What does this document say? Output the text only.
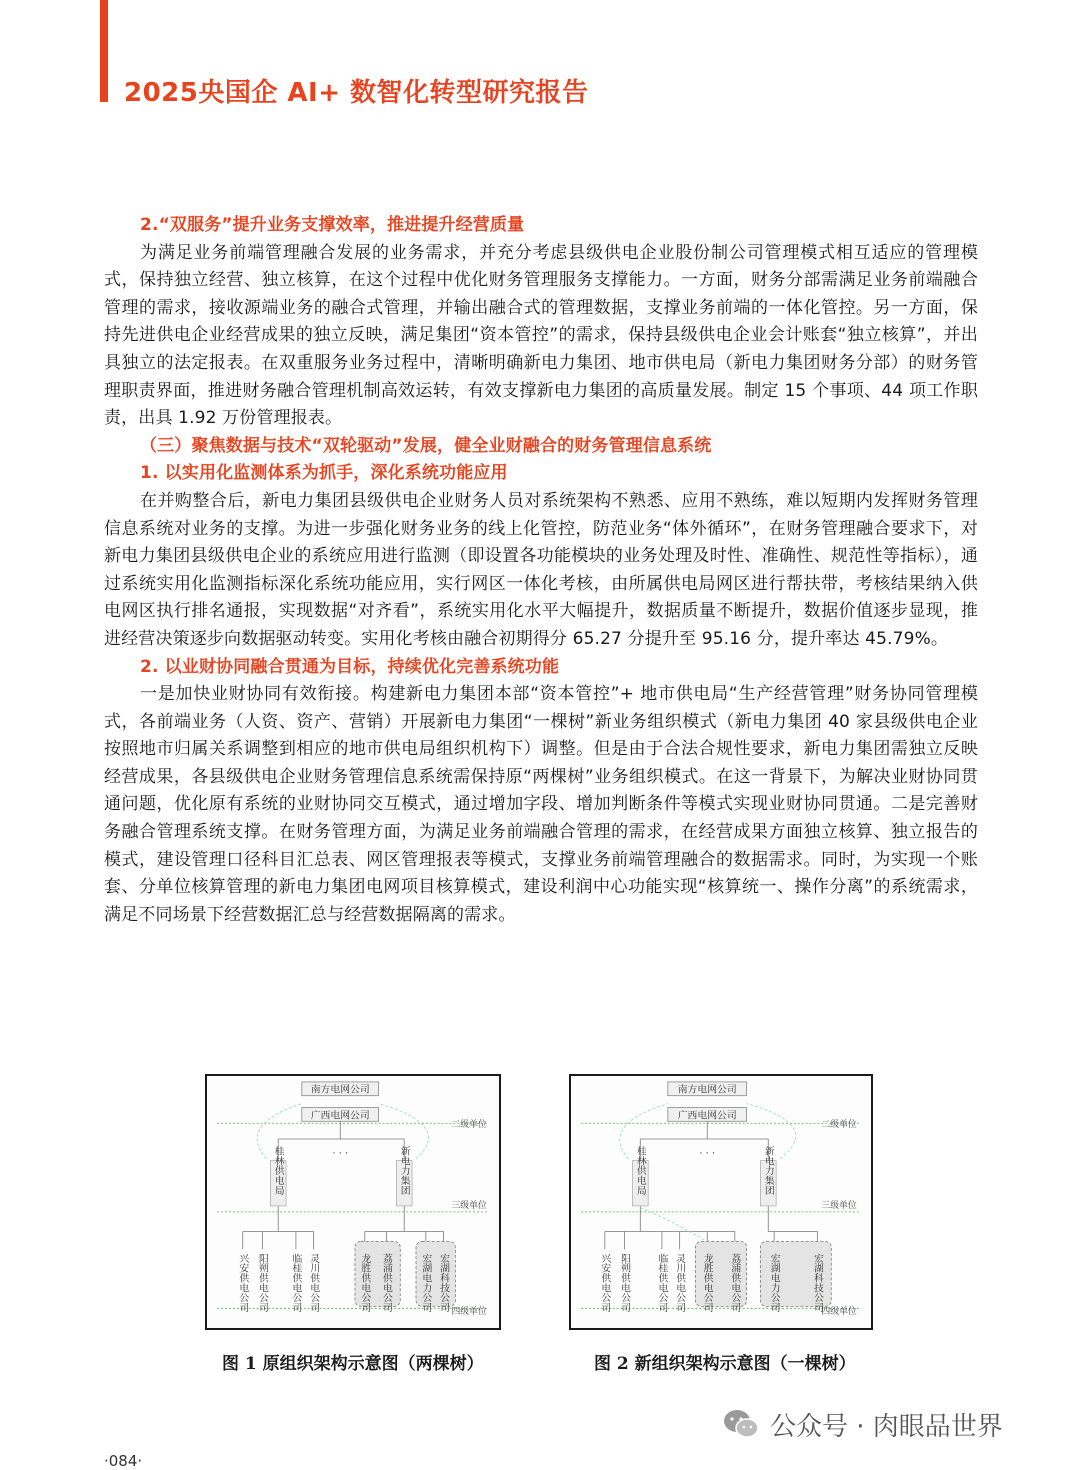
2025央国企 AI+ 数智化转型研究报告

2.“双服务”提升业务支撑效率，推进提升经营质量

为满足业务前端管理融合发展的业务需求，并充分考虑县级供电企业股份制公司管理模式相互适应的管理模式，保持独立经营、独立核算，在这个过程中优化财务管理服务支撑能力。一方面，财务分部需满足业务前端融合管理的需求，接收源端业务的融合式管理，并输出融合式的管理数据，支撑业务前端的一体化管控。另一方面，保持先进供电企业经营成果的独立反映，满足集团“资本管控”的需求，保持县级供电企业会计账套“独立核算”，并出具独立的法定报表。在双重服务业务过程中，清晰明确新电力集团、地市供电局（新电力集团财务分部）的财务管理职责界面，推进财务融合管理机制高效运转，有效支撑新电力集团的高质量发展。制定 15 个事项、44 项工作职责，出具 1.92 万份管理报表。

（三）聚焦数据与技术“双轮驱动”发展，健全业财融合的财务管理信息系统

1. 以实用化监测体系为抓手，深化系统功能应用

在并购整合后，新电力集团县级供电企业财务人员对系统架构不熟悉、应用不熟练，难以短期内发挥财务管理信息系统对业务的支撑。为进一步强化财务业务的线上化管控，防范业务“体外循环”，在财务管理融合要求下，对新电力集团县级供电企业的系统应用进行监测（即设置各功能模块的业务处理及时性、准确性、规范性等指标），通过系统实用化监测指标深化系统功能应用，实行网区一体化考核，由所属供电局网区进行帮扶带，考核结果纳入供电网区执行排名通报，实现数据“对齐看”，系统实用化水平大幅提升，数据质量不断提升，数据价值逐步显现，推进经营决策逐步向数据驱动转变。实用化考核由融合初期得分 65.27 分提升至 95.16 分，提升率达 45.79%。

2. 以业财协同融合贯通为目标，持续优化完善系统功能

一是加快业财协同有效衔接。构建新电力集团本部“资本管控”+ 地市供电局“生产经营管理”财务协同管理模式，各前端业务（人资、资产、营销）开展新电力集团“一棵树”新业务组织模式（新电力集团 40 家县级供电企业按照地市归属关系调整到相应的地市供电局组织机构下）调整。但是由于合法合规性要求，新电力集团需独立反映经营成果，各县级供电企业财务管理信息系统需保持原“两棵树”业务组织模式。在这一背景下，为解决业财协同贯通问题，优化原有系统的业财协同交互模式，通过增加字段、增加判断条件等模式实现业财协同贯通。二是完善财务融合管理系统支撑。在财务管理方面，为满足业务前端融合管理的需求，在经营成果方面独立核算、独立报告的模式，建设管理口径科目汇总表、网区管理报表等模式，支撑业务前端管理融合的数据需求。同时，为实现一个账套、分单位核算管理的新电力集团电网项目核算模式，建设利润中心功能实现“核算统一、操作分离”的系统需求，满足不同场景下经营数据汇总与经营数据隔离的需求。

南方电网公司
广西电网公司
二级单位
三级单位
四级单位
· · ·
桂林供电局	新电力集团
兴安供电公司 阳朔供电公司 临桂供电公司 灵川供电公司	龙胜供电公司 荔浦供电公司	宏湖电力公司 宏湖科技公司
南方电网公司
广西电网公司
二级单位
三级单位
四级单位
· · ·
桂林供电局	新电力集团
兴安供电公司 阳朔供电公司	临桂供电公司 灵川供电公司 龙胜供电公司 荔浦供电公司	宏湖电力公司	宏湖科技公司

图 1 原组织架构示意图（两棵树）	图 2 新组织架构示意图（一棵树）

·084·

公众号 · 肉眼品世界
